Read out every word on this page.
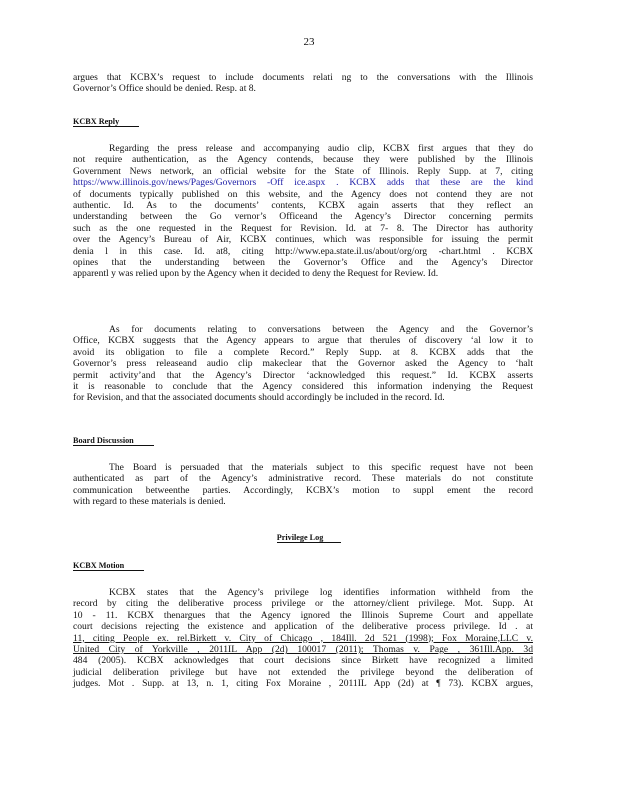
23
argues that KCBX’s request to include documents relati ng to the conversations with the Illinois
Governor’s Office should be denied. Resp. at 8.
KCBX Reply
Regarding the press release and accompanying audio clip, KCBX first argues that they do
not require authentication, as the Agency contends, because they were published by the Illinois
Government News network, an official website for the State of Illinois. Reply Supp. at 7, citing
https://www.illinois.gov/news/Pages/Governors -Off ice.aspx . KCBX adds that these are the kind
of documents typically published on this website, and the Agency does not contend they are not
authentic. Id. As to the documents’ contents, KCBX again asserts that they reflect an
understanding between the Go vernor’s Officeand the Agency’s Director concerning permits
such as the one requested in the Request for Revision. Id. at 7- 8. The Director has authority
over the Agency’s Bureau of Air, KCBX continues, which was responsible for issuing the permit
denia l in this case. Id. at8, citing http://www.epa.state.il.us/about/org/org -chart.html . KCBX
opines that the understanding between the Governor’s Office and the Agency’s Director
apparentl y was relied upon by the Agency when it decided to deny the Request for Review. Id.
As for documents relating to conversations between the Agency and the Governor’s
Office, KCBX suggests that the Agency appears to argue that therules of discovery ‘al low it to
avoid its obligation to file a complete Record.” Reply Supp. at 8. KCBX adds that the
Governor’s press releaseand audio clip makeclear that the Governor asked the Agency to ‘halt
permit activity’and that the Agency’s Director ‘acknowledged this request.” Id. KCBX asserts
it is reasonable to conclude that the Agency considered this information indenying the Request
for Revision, and that the associated documents should accordingly be included in the record. Id.
Board Discussion
The Board is persuaded that the materials subject to this specific request have not been
authenticated as part of the Agency’s administrative record. These materials do not constitute
communication betweenthe parties. Accordingly, KCBX’s motion to suppl ement the record
with regard to these materials is denied.
Privilege Log
KCBX Motion
KCBX states that the Agency’s privilege log identifies information withheld from the
record by citing the deliberative process privilege or the attorney/client privilege. Mot. Supp. At
10 - 11. KCBX thenargues that the Agency ignored the Illinois Supreme Court and appellate
court decisions rejecting the existence and application of the deliberative process privilege. Id . at
11, citing People ex. rel.Birkett v. City of Chicago , 184Ill. 2d 521 (1998); Fox Moraine,LLC v.
United City of Yorkville , 2011IL App (2d) 100017 (2011); Thomas v. Page , 361Ill.App. 3d
484 (2005). KCBX acknowledges that court decisions since Birkett have recognized a limited
judicial deliberation privilege but have not extended the privilege beyond the deliberation of
judges. Mot . Supp. at 13, n. 1, citing Fox Moraine , 2011IL App (2d) at ¶ 73). KCBX argues,
